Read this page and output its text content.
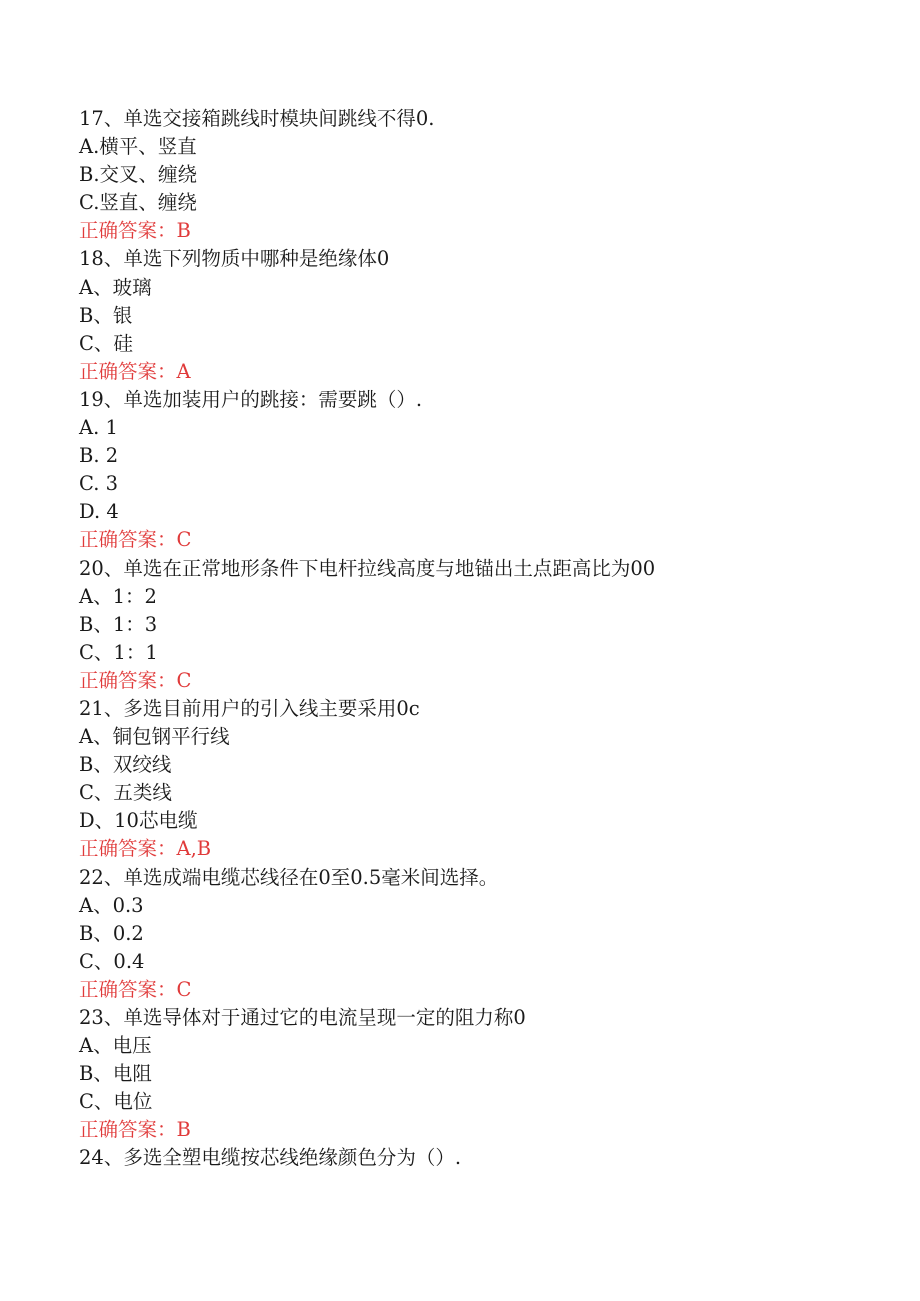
17、单选交接箱跳线时模块间跳线不得0.
A.横平、竖直
B.交叉、缠绕
C.竖直、缠绕
正确答案：B
18、单选下列物质中哪种是绝缘体0
A、玻璃
B、银
C、硅
正确答案：A
19、单选加装用户的跳接：需要跳（）.
A. 1
B. 2
C. 3
D. 4
正确答案：C
20、单选在正常地形条件下电杆拉线高度与地锚出土点距高比为00
A、1：2
B、1：3
C、1：1
正确答案：C
21、多选目前用户的引入线主要采用0c
A、铜包钢平行线
B、双绞线
C、五类线
D、10芯电缆
正确答案：A,B
22、单选成端电缆芯线径在0至0.5毫米间选择。
A、0.3
B、0.2
C、0.4
正确答案：C
23、单选导体对于通过它的电流呈现一定的阻力称0
A、电压
B、电阻
C、电位
正确答案：B
24、多选全塑电缆按芯线绝缘颜色分为（）.
